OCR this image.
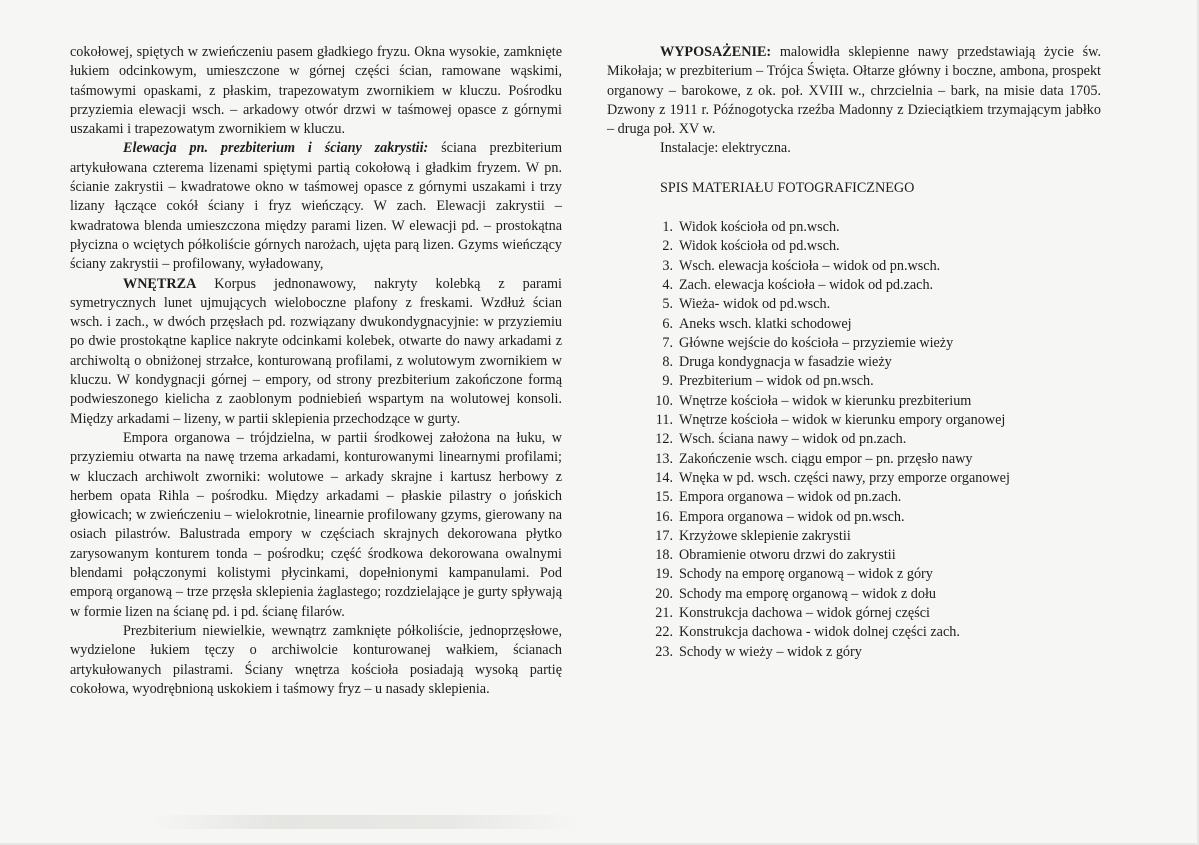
cokołowej, spiętych w zwieńczeniu pasem gładkiego fryzu. Okna wysokie, zamknięte łukiem odcinkowym, umieszczone w górnej części ścian, ramowane wąskimi, taśmowymi opaskami, z płaskim, trapezowatym zwornikiem w kluczu. Pośrodku przyziemia elewacji wsch. – arkadowy otwór drzwi w taśmowej opasce z górnymi uszakami i trapezowatym zwornikiem w kluczu.

Elewacja pn. prezbiterium i ściany zakrystii: ściana prezbiterium artykułowana czterema lizenami spiętymi partią cokołową i gładkim fryzem. W pn. ścianie zakrystii – kwadratowe okno w taśmowej opasce z górnymi uszakami i trzy lizany łączące cokół ściany i fryz wieńczący. W zach. Elewacji zakrystii – kwadratowa blenda umieszczona między parami lizen. W elewacji pd. – prostokątna płycizna o wciętych półkoliście górnych narożach, ujęta parą lizen. Gzyms wieńczący ściany zakrystii – profilowany, wyładowany,

WNĘTRZA Korpus jednonawowy, nakryty kolebką z parami symetrycznych lunet ujmujących wieloboczne plafony z freskami. Wzdłuż ścian wsch. i zach., w dwóch przęsłach pd. rozwiązany dwukondygnacyjnie: w przyziemiu po dwie prostokątne kaplice nakryte odcinkami kolebek, otwarte do nawy arkadami z archiwoltą o obniżonej strzałce, konturowaną profilami, z wolutowym zwornikiem w kluczu. W kondygnacji górnej – empory, od strony prezbiterium zakończone formą podwieszonego kielicha z zaoblonym podniebień wspartym na wolutowej konsoli. Między arkadami – lizeny, w partii sklepienia przechodzące w gurty.

Empora organowa – trójdzielna, w partii środkowej założona na łuku, w przyziemiu otwarta na nawę trzema arkadami, konturowanymi linearnymi profilami; w kluczach archiwolt zworniki: wolutowe – arkady skrajne i kartusz herbowy z herbem opata Rihla – pośrodku. Między arkadami – płaskie pilastry o jońskich głowicach; w zwieńczeniu – wielokrotnie, linearnie profilowany gzyms, gierowany na osiach pilastrów. Balustrada empory w częściach skrajnych dekorowana płytko zarysowanym konturem tonda – pośrodku; część środkowa dekorowana owalnymi blendami połączonymi kolistymi płycinkami, dopełnionymi kampanulami. Pod emporą organową – trze przęsła sklepienia żaglastego; rozdzielające je gurty spływają w formie lizen na ścianę pd. i pd. ścianę filarów.

Prezbiterium niewielkie, wewnątrz zamknięte półkoliście, jednoprzęsłowe, wydzielone łukiem tęczy o archiwolcie konturowanej wałkiem, ścianach artykułowanych pilastrami. Ściany wnętrza kościoła posiadają wysoką partię cokołowa, wyodrębnioną uskokiem i taśmowy fryz – u nasady sklepienia.

WYPOSAŻENIE: malowidła sklepienne nawy przedstawiają życie św. Mikołaja; w prezbiterium – Trójca Święta. Ołtarze główny i boczne, ambona, prospekt organowy – barokowe, z ok. poł. XVIII w., chrzcielnia – bark, na misie data 1705. Dzwony z 1911 r. Późnogotycka rzeźba Madonny z Dzieciątkiem trzymającym jabłko – druga poł. XV w.

Instalacje: elektryczna.

SPIS MATERIAŁU FOTOGRAFICZNEGO

1. Widok kościoła od pn.wsch.
2. Widok kościoła od pd.wsch.
3. Wsch. elewacja kościoła – widok od pn.wsch.
4. Zach. elewacja kościoła – widok od pd.zach.
5. Wieża- widok od pd.wsch.
6. Aneks wsch. klatki schodowej
7. Główne wejście do kościoła – przyziemie wieży
8. Druga kondygnacja w fasadzie wieży
9. Prezbiterium – widok od pn.wsch.
10. Wnętrze kościoła – widok w kierunku prezbiterium
11. Wnętrze kościoła – widok w kierunku empory organowej
12. Wsch. ściana nawy – widok od pn.zach.
13. Zakończenie wsch. ciągu empor – pn. przęsło nawy
14. Wnęka w pd. wsch. części nawy, przy emporze organowej
15. Empora organowa – widok od pn.zach.
16. Empora organowa – widok od pn.wsch.
17. Krzyżowe sklepienie zakrystii
18. Obramienie otworu drzwi do zakrystii
19. Schody na emporę organową – widok z góry
20. Schody ma emporę organową – widok z dołu
21. Konstrukcja dachowa – widok górnej części
22. Konstrukcja dachowa - widok dolnej części zach.
23. Schody w wieży – widok z góry
